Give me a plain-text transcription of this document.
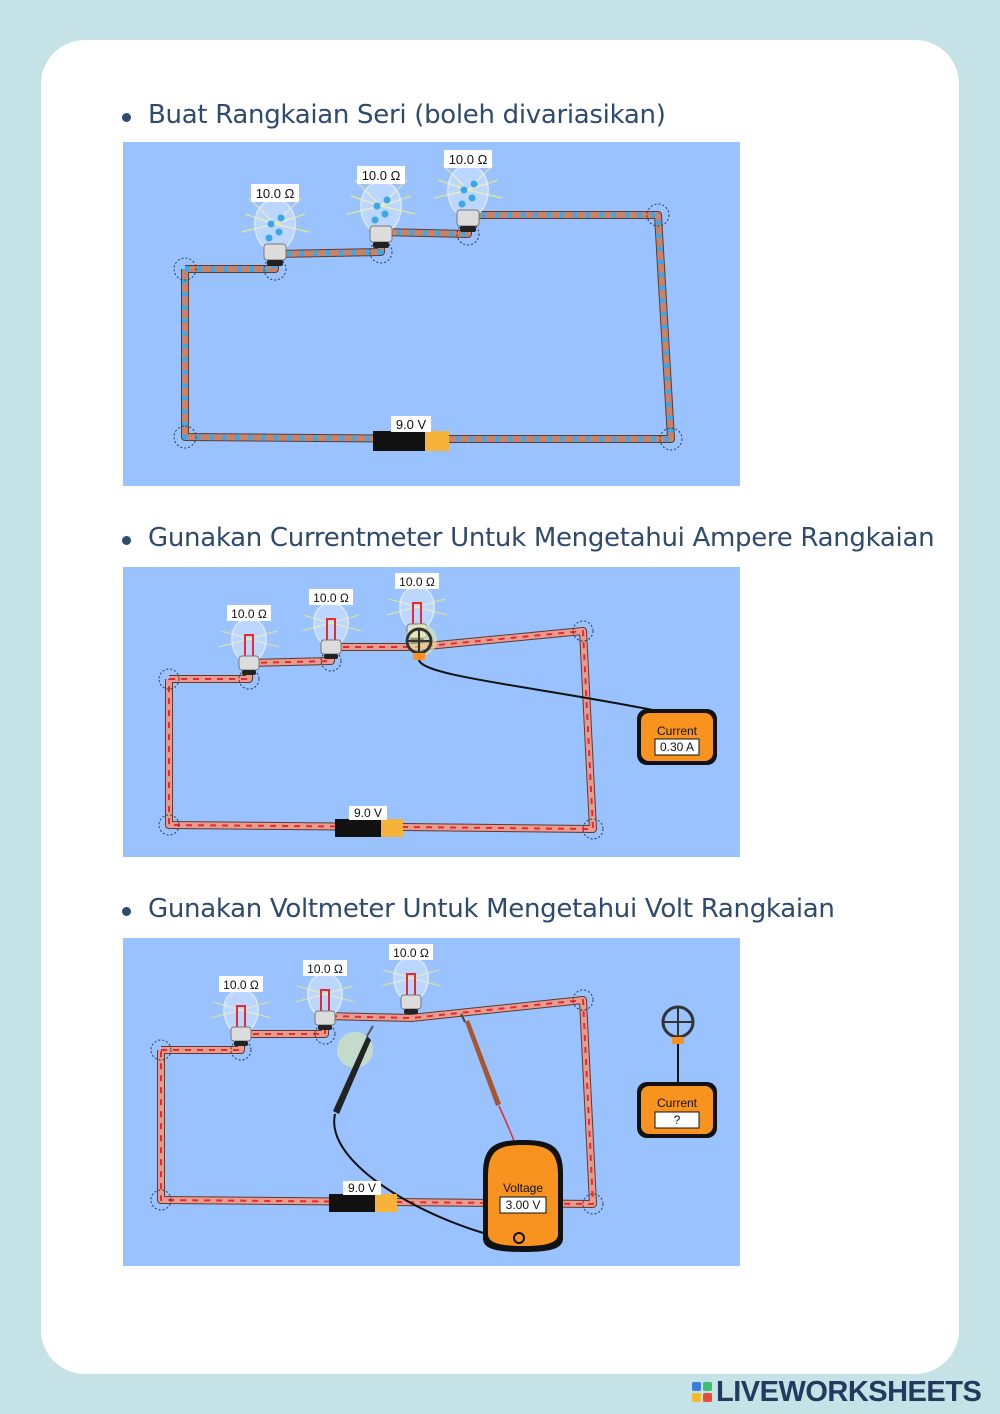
Buat Rangkaian Seri (boleh divariasikan)
10.0 Ω
10.0 Ω
10.0 Ω
9.0 V
Gunakan Currentmeter Untuk Mengetahui Ampere Rangkaian
10.0 Ω
10.0 Ω
10.0 Ω
Current
0.30 A
9.0 V
Gunakan Voltmeter Untuk Mengetahui Volt Rangkaian
10.0 Ω
10.0 Ω
10.0 Ω
Voltage
3.00 V
Current
?
9.0 V
LIVEWORKSHEETS
